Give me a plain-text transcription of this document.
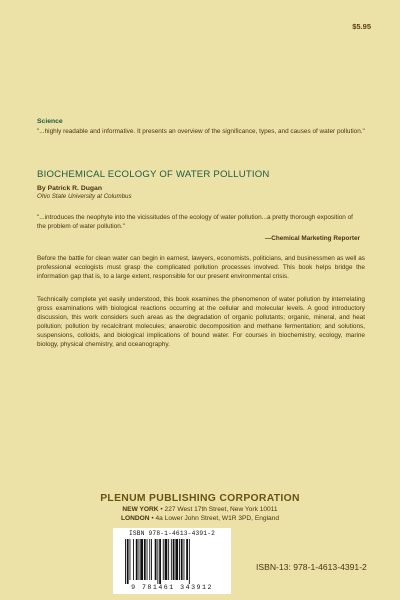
$5.95
Science
"...highly readable and informative. It presents an overview of the significance, types, and causes of water pollution."
BIOCHEMICAL ECOLOGY OF WATER POLLUTION
By Patrick R. Dugan
Ohio State University at Columbus
"...introduces the neophyte into the vicissitudes of the ecology of water pollution...a pretty thorough exposition of the problem of water pollution."
—Chemical Marketing Reporter
Before the battle for clean water can begin in earnest, lawyers, economists, politicians, and businessmen as well as professional ecologists must grasp the complicated pollution processes involved. This book helps bridge the information gap that is, to a large extent, responsible for our present environmental crisis.
Technically complete yet easily understood, this book examines the phenomenon of water pollution by interrelating gross examinations with biological reactions occurring at the cellular and molecular levels. A good introductory discussion, this work considers such areas as the degradation of organic pollutants; organic, mineral, and heat pollution; pollution by recalcitrant molecules; anaerobic decomposition and methane fermentation; and solutions, suspensions, colloids, and biological implications of bound water. For courses in biochemistry, ecology, marine biology, physical chemistry, and oceanography.
PLENUM PUBLISHING CORPORATION
NEW YORK • 227 West 17th Street, New York 10011
LONDON • 4a Lower John Street, W1R 3PD, England
ISBN 978-1-4613-4391-2
9 781461 343912
ISBN-13: 978-1-4613-4391-2
